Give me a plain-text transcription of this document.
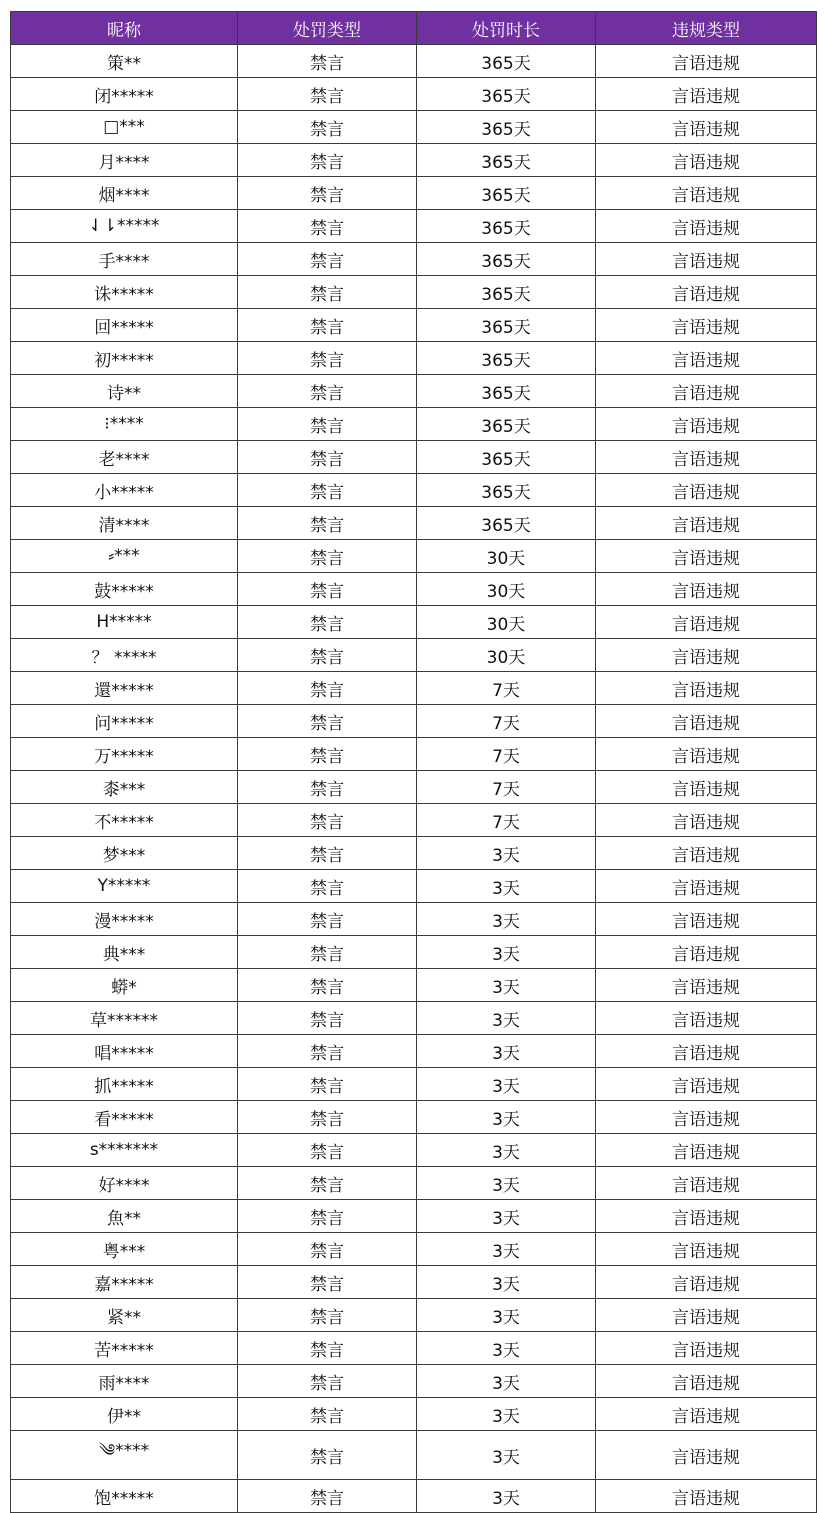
昵称	处罚类型	处罚时长	违规类型
策**	禁言	365天	言语违规
闭*****	禁言	365天	言语违规
□***	禁言	365天	言语违规
月****	禁言	365天	言语违规
烟****	禁言	365天	言语违规
⇃⇂*****	禁言	365天	言语违规
手****	禁言	365天	言语违规
诛*****	禁言	365天	言语违规
回*****	禁言	365天	言语违规
初*****	禁言	365天	言语违规
诗**	禁言	365天	言语违规
⁝****	禁言	365天	言语违规
老****	禁言	365天	言语违规
小*****	禁言	365天	言语违规
清****	禁言	365天	言语违规
⸗***	禁言	30天	言语违规
鼓*****	禁言	30天	言语违规
H*****	禁言	30天	言语违规
？ *****	禁言	30天	言语违规
還*****	禁言	7天	言语违规
问*****	禁言	7天	言语违规
万*****	禁言	7天	言语违规
桼***	禁言	7天	言语违规
不*****	禁言	7天	言语违规
梦***	禁言	3天	言语违规
Y*****	禁言	3天	言语违规
漫*****	禁言	3天	言语违规
典***	禁言	3天	言语违规
蟒*	禁言	3天	言语违规
草******	禁言	3天	言语违规
唱*****	禁言	3天	言语违规
抓*****	禁言	3天	言语违规
看*****	禁言	3天	言语违规
s*******	禁言	3天	言语违规
好****	禁言	3天	言语违规
魚**	禁言	3天	言语违规
粤***	禁言	3天	言语违规
嘉*****	禁言	3天	言语违规
紧**	禁言	3天	言语违规
苦*****	禁言	3天	言语违规
雨****	禁言	3天	言语违规
伊**	禁言	3天	言语违规
༄****	禁言	3天	言语违规
饱*****	禁言	3天	言语违规
